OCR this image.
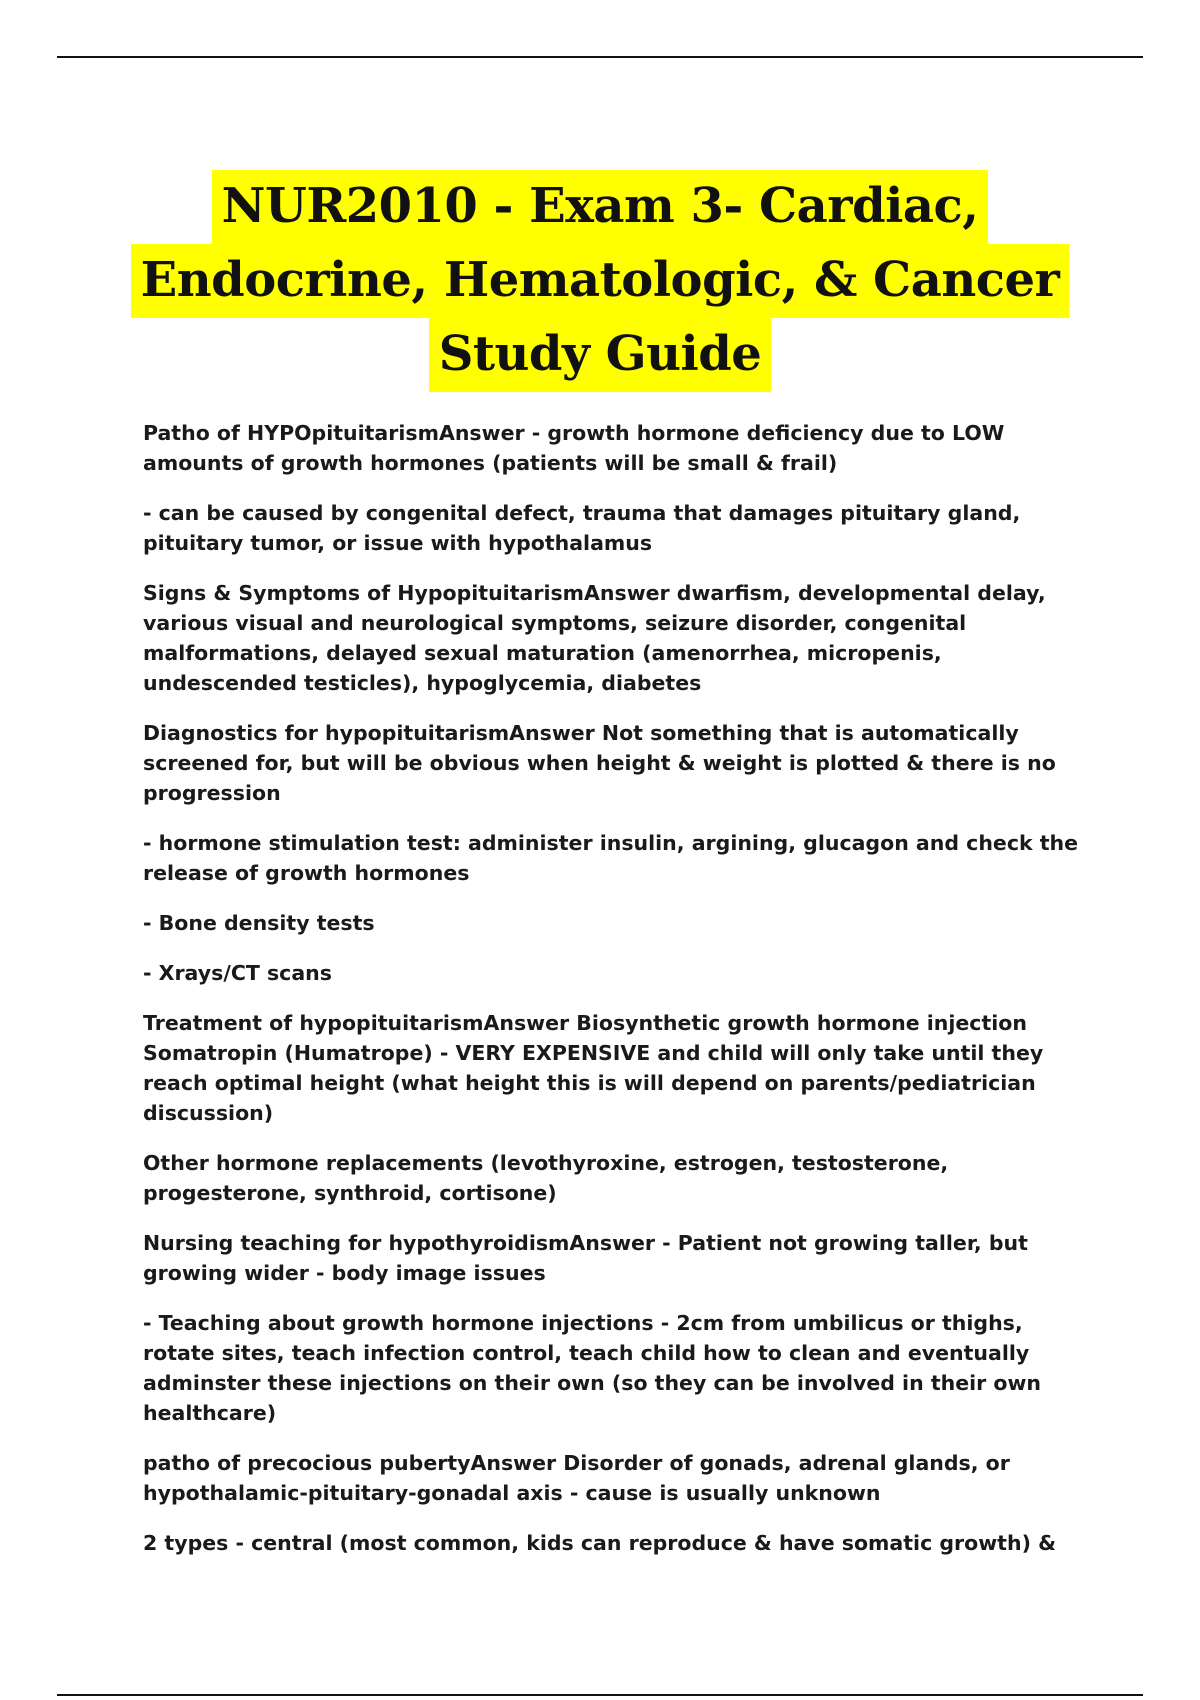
NUR2010 - Exam 3- Cardiac,
Endocrine, Hematologic, & Cancer
Study Guide

Patho of HYPOpituitarismAnswer - growth hormone deficiency due to LOW amounts of growth hormones (patients will be small & frail)

- can be caused by congenital defect, trauma that damages pituitary gland, pituitary tumor, or issue with hypothalamus

Signs & Symptoms of HypopituitarismAnswer dwarfism, developmental delay, various visual and neurological symptoms, seizure disorder, congenital malformations, delayed sexual maturation (amenorrhea, micropenis, undescended testicles), hypoglycemia, diabetes

Diagnostics for hypopituitarismAnswer Not something that is automatically screened for, but will be obvious when height & weight is plotted & there is no progression

- hormone stimulation test: administer insulin, argining, glucagon and check the release of growth hormones

- Bone density tests

- Xrays/CT scans

Treatment of hypopituitarismAnswer Biosynthetic growth hormone injection Somatropin (Humatrope) - VERY EXPENSIVE and child will only take until they reach optimal height (what height this is will depend on parents/pediatrician discussion)

Other hormone replacements (levothyroxine, estrogen, testosterone, progesterone, synthroid, cortisone)

Nursing teaching for hypothyroidismAnswer - Patient not growing taller, but growing wider - body image issues

- Teaching about growth hormone injections - 2cm from umbilicus or thighs, rotate sites, teach infection control, teach child how to clean and eventually adminster these injections on their own (so they can be involved in their own healthcare)

patho of precocious pubertyAnswer Disorder of gonads, adrenal glands, or hypothalamic-pituitary-gonadal axis - cause is usually unknown

2 types - central (most common, kids can reproduce & have somatic growth) &
